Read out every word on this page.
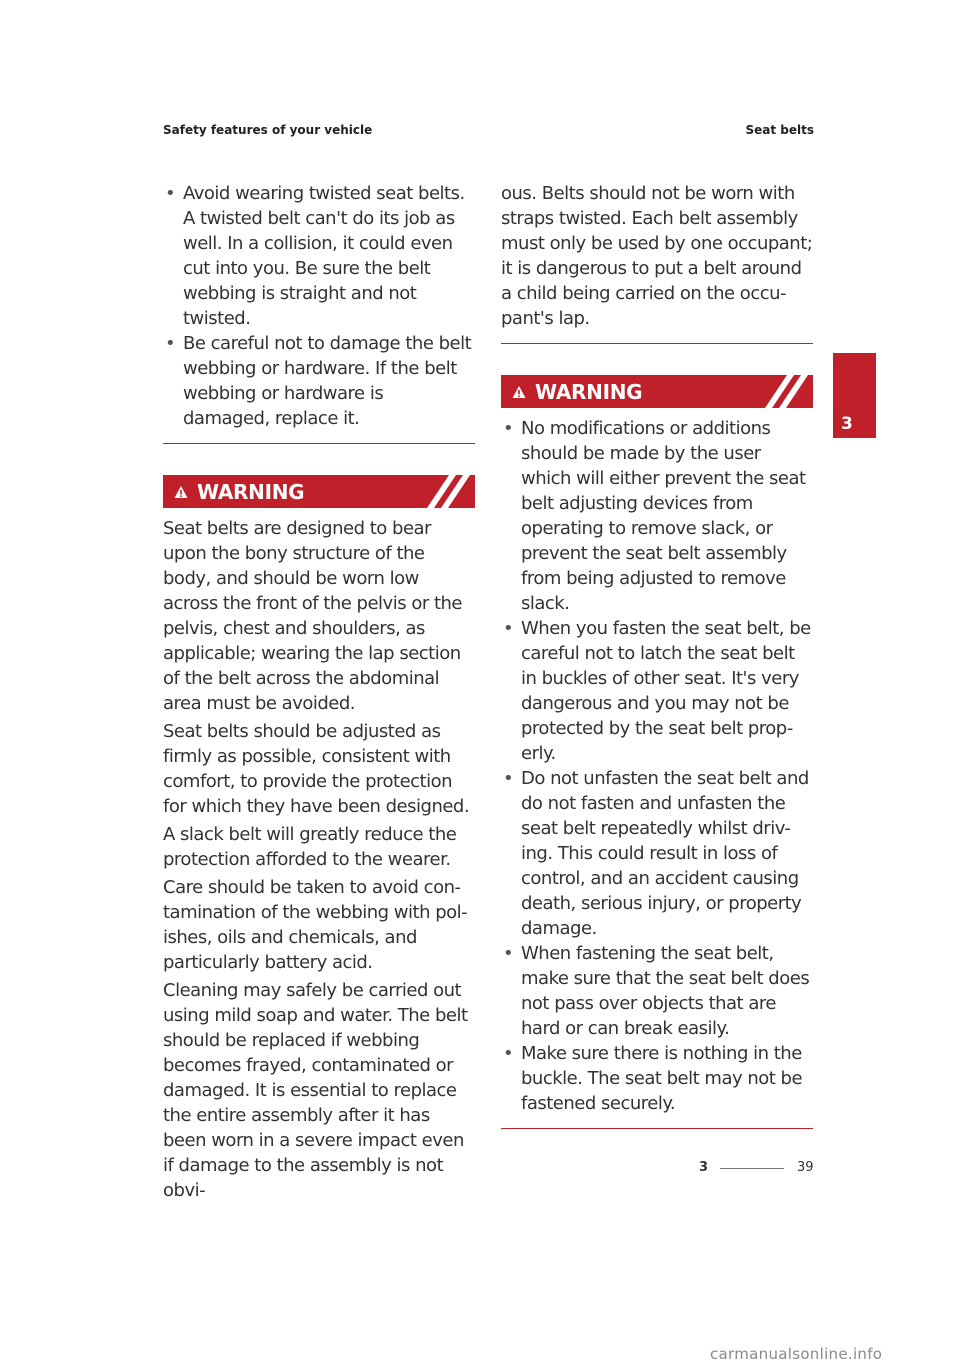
Safety features of your vehicle	Seat belts
3
• Avoid wearing twisted seat belts. A twisted belt can't do its job as well. In a collision, it could even cut into you. Be sure the belt webbing is straight and not twisted.
• Be careful not to damage the belt webbing or hardware. If the belt webbing or hardware is damaged, replace it.
WARNING

Seat belts are designed to bear upon the bony structure of the body, and should be worn low across the front of the pelvis or the pelvis, chest and shoulders, as applicable; wearing the lap section of the belt across the abdominal area must be avoided.

Seat belts should be adjusted as firmly as possible, consistent with comfort, to provide the protection for which they have been designed.

A slack belt will greatly reduce the protection afforded to the wearer.

Care should be taken to avoid con-tamination of the webbing with pol-ishes, oils and chemicals, and particularly battery acid.

Cleaning may safely be carried out using mild soap and water. The belt should be replaced if webbing becomes frayed, contaminated or damaged. It is essential to replace the entire assembly after it has been worn in a severe impact even if damage to the assembly is not obvi-

ous. Belts should not be worn with straps twisted. Each belt assembly must only be used by one occupant; it is dangerous to put a belt around a child being carried on the occu-pant's lap.

WARNING
• No modifications or additions should be made by the user which will either prevent the seat belt adjusting devices from operating to remove slack, or prevent the seat belt assembly from being adjusted to remove slack.
• When you fasten the seat belt, be careful not to latch the seat belt in buckles of other seat. It's very dangerous and you may not be protected by the seat belt prop-erly.
• Do not unfasten the seat belt and do not fasten and unfasten the seat belt repeatedly whilst driv-ing. This could result in loss of control, and an accident causing death, serious injury, or property damage.
• When fastening the seat belt, make sure that the seat belt does not pass over objects that are hard or can break easily.
• Make sure there is nothing in the buckle. The seat belt may not be fastened securely.
3	39
carmanualsonline.info
